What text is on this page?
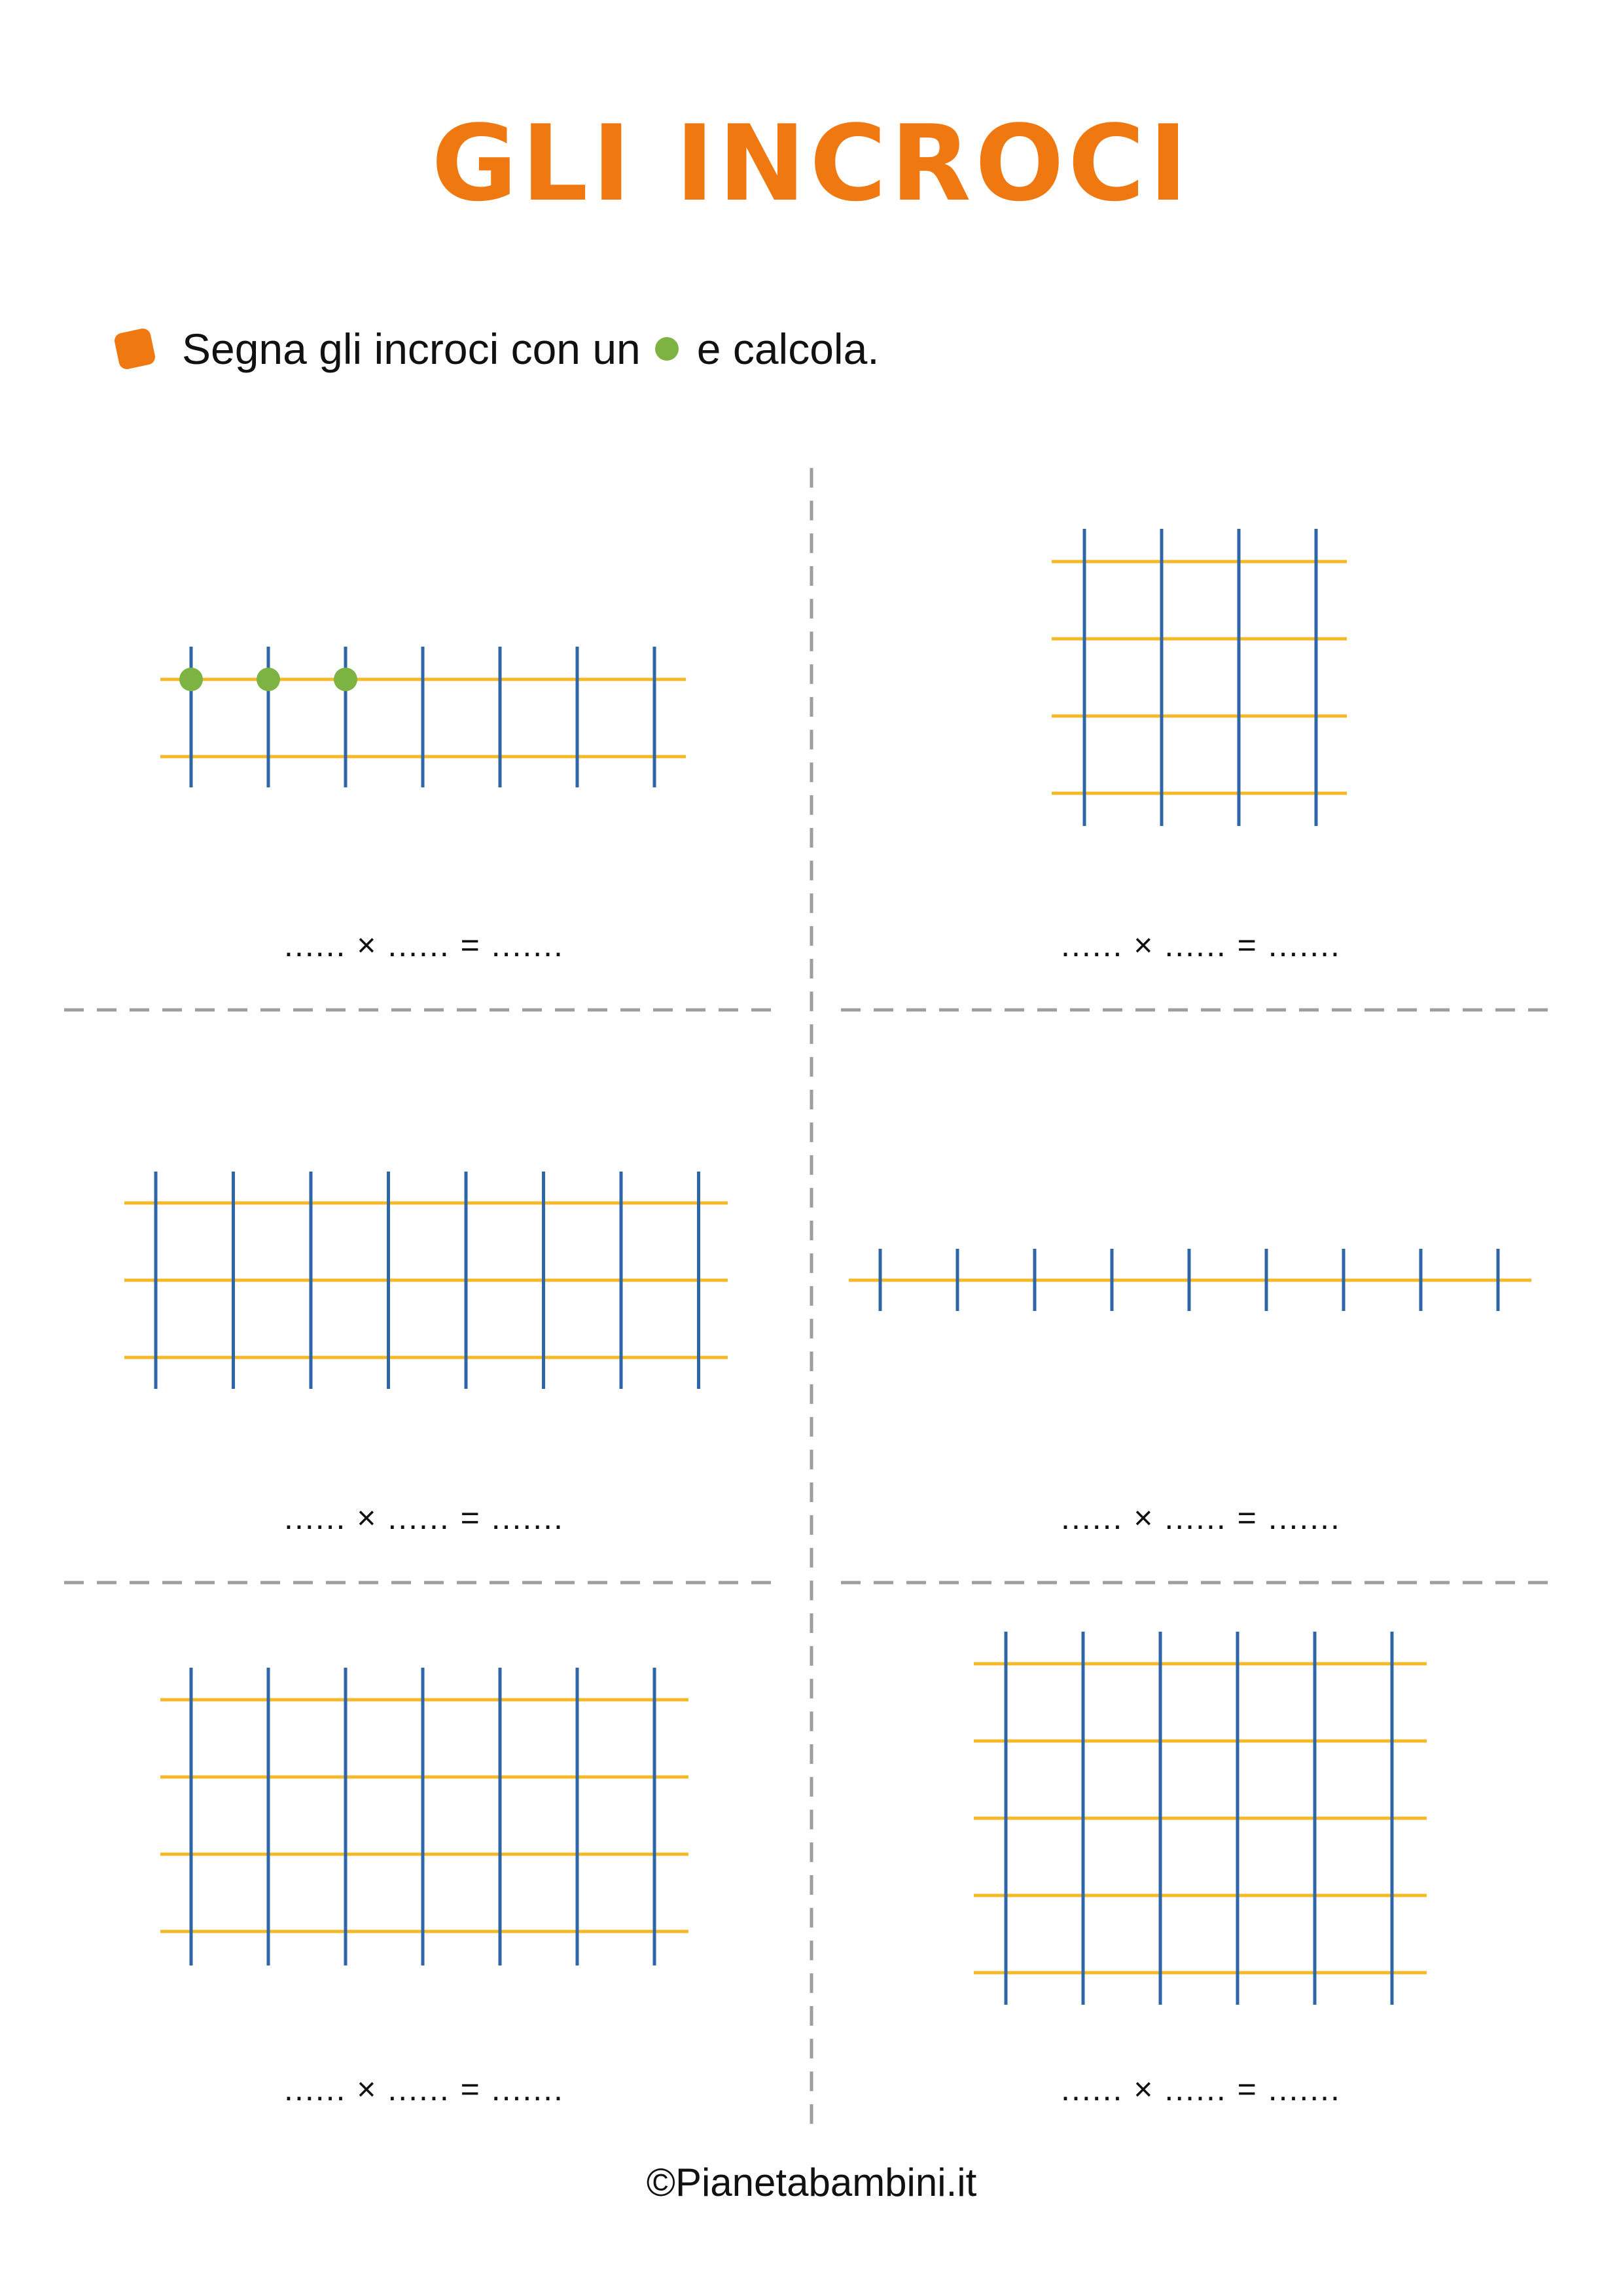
GLI INCROCI
Segna gli incroci con un e calcola.
...... × ...... = .......	...... × ...... = .......
...... × ...... = .......	...... × ...... = .......
...... × ...... = .......	...... × ...... = .......
©Pianetabambini.it
